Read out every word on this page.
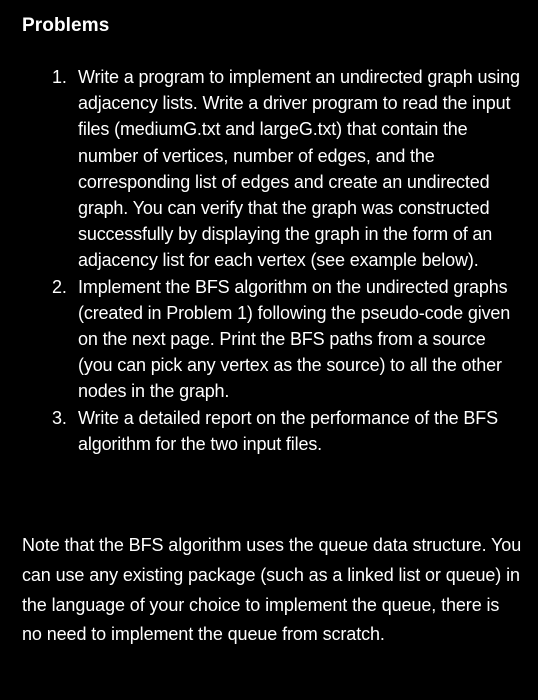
Problems
1. Write a program to implement an undirected graph using adjacency lists. Write a driver program to read the input files (mediumG.txt and largeG.txt) that contain the number of vertices, number of edges, and the corresponding list of edges and create an undirected graph. You can verify that the graph was constructed successfully by displaying the graph in the form of an adjacency list for each vertex (see example below).
2. Implement the BFS algorithm on the undirected graphs (created in Problem 1) following the pseudo-code given on the next page. Print the BFS paths from a source (you can pick any vertex as the source) to all the other nodes in the graph.
3. Write a detailed report on the performance of the BFS algorithm for the two input files.

Note that the BFS algorithm uses the queue data structure. You can use any existing package (such as a linked list or queue) in the language of your choice to implement the queue, there is no need to implement the queue from scratch.
